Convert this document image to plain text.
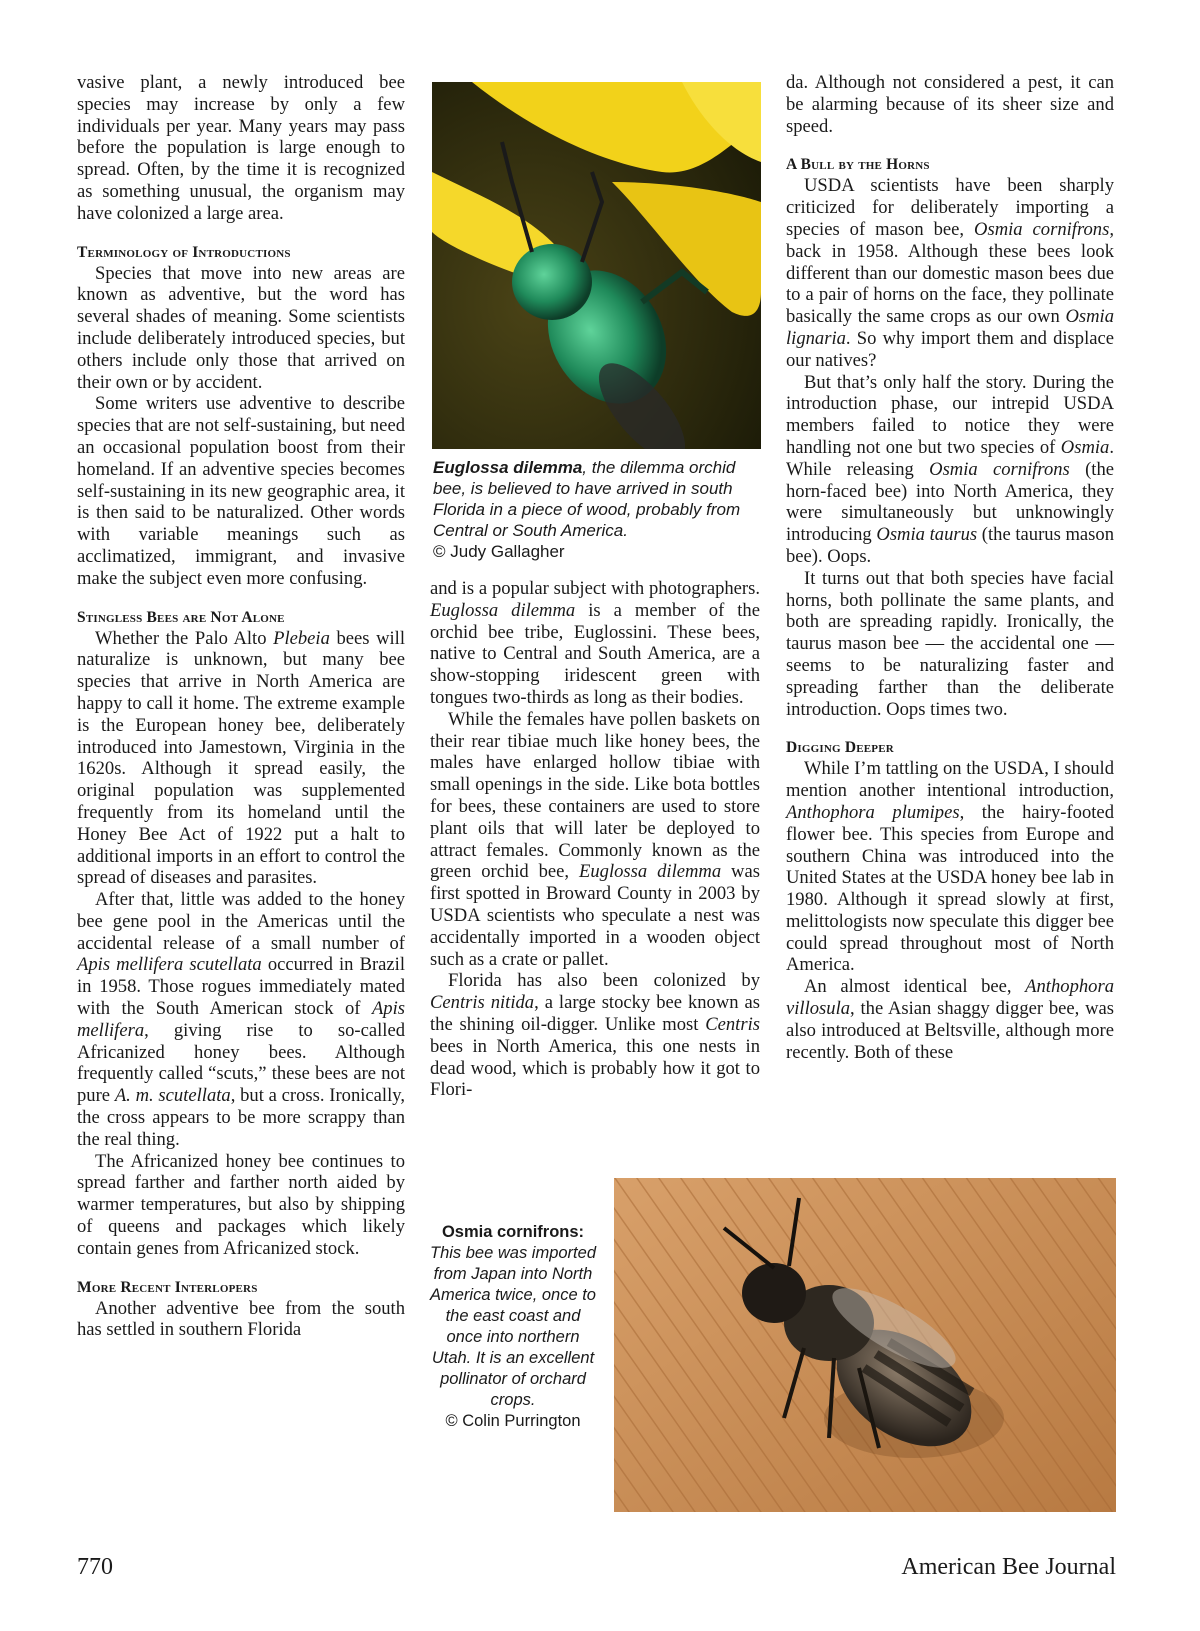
vasive plant, a newly introduced bee species may increase by only a few individuals per year. Many years may pass before the population is large enough to spread. Often, by the time it is recognized as something unusual, the organism may have colonized a large area.

Terminology of Introductions

Species that move into new areas are known as adventive, but the word has several shades of meaning. Some scientists include deliberately introduced species, but others include only those that arrived on their own or by accident.

Some writers use adventive to describe species that are not self-sustaining, but need an occasional population boost from their homeland. If an adventive species becomes self-sustaining in its new geographic area, it is then said to be naturalized. Other words with variable meanings such as acclimatized, immigrant, and invasive make the subject even more confusing.

Stingless Bees are Not Alone

Whether the Palo Alto Plebeia bees will naturalize is unknown, but many bee species that arrive in North America are happy to call it home. The extreme example is the European honey bee, deliberately introduced into Jamestown, Virginia in the 1620s. Although it spread easily, the original population was supplemented frequently from its homeland until the Honey Bee Act of 1922 put a halt to additional imports in an effort to control the spread of diseases and parasites.

After that, little was added to the honey bee gene pool in the Americas until the accidental release of a small number of Apis mellifera scutellata occurred in Brazil in 1958. Those rogues immediately mated with the South American stock of Apis mellifera, giving rise to so-called Africanized honey bees. Although frequently called “scuts,” these bees are not pure A. m. scutellata, but a cross. Ironically, the cross appears to be more scrappy than the real thing.

The Africanized honey bee continues to spread farther and farther north aided by warmer temperatures, but also by shipping of queens and packages which likely contain genes from Africanized stock.

More Recent Interlopers

Another adventive bee from the south has settled in southern Florida

Euglossa dilemma, the dilemma orchid bee, is believed to have arrived in south Florida in a piece of wood, probably from Central or South America.
© Judy Gallagher

and is a popular subject with photographers. Euglossa dilemma is a member of the orchid bee tribe, Euglossini. These bees, native to Central and South America, are a show-stopping iridescent green with tongues two-thirds as long as their bodies.

While the females have pollen baskets on their rear tibiae much like honey bees, the males have enlarged hollow tibiae with small openings in the side. Like bota bottles for bees, these containers are used to store plant oils that will later be deployed to attract females. Commonly known as the green orchid bee, Euglossa dilemma was first spotted in Broward County in 2003 by USDA scientists who speculate a nest was accidentally imported in a wooden object such as a crate or pallet.

Florida has also been colonized by Centris nitida, a large stocky bee known as the shining oil-digger. Unlike most Centris bees in North America, this one nests in dead wood, which is probably how it got to Flori-

da. Although not considered a pest, it can be alarming because of its sheer size and speed.

A Bull by the Horns

USDA scientists have been sharply criticized for deliberately importing a species of mason bee, Osmia cornifrons, back in 1958. Although these bees look different than our domestic mason bees due to a pair of horns on the face, they pollinate basically the same crops as our own Osmia lignaria. So why import them and displace our natives?

But that’s only half the story. During the introduction phase, our intrepid USDA members failed to notice they were handling not one but two species of Osmia. While releasing Osmia cornifrons (the horn-faced bee) into North America, they were simultaneously but unknowingly introducing Osmia taurus (the taurus mason bee). Oops.

It turns out that both species have facial horns, both pollinate the same plants, and both are spreading rapidly. Ironically, the taurus mason bee — the accidental one — seems to be naturalizing faster and spreading farther than the deliberate introduction. Oops times two.

Digging Deeper

While I’m tattling on the USDA, I should mention another intentional introduction, Anthophora plumipes, the hairy-footed flower bee. This species from Europe and southern China was introduced into the United States at the USDA honey bee lab in 1980. Although it spread slowly at first, melittologists now speculate this digger bee could spread throughout most of North America.

An almost identical bee, Anthophora villosula, the Asian shaggy digger bee, was also introduced at Beltsville, although more recently. Both of these

Osmia cornifrons:
This bee was imported from Japan into North America twice, once to the east coast and once into northern Utah. It is an excellent pollinator of orchard crops.
© Colin Purrington
770	American Bee Journal
